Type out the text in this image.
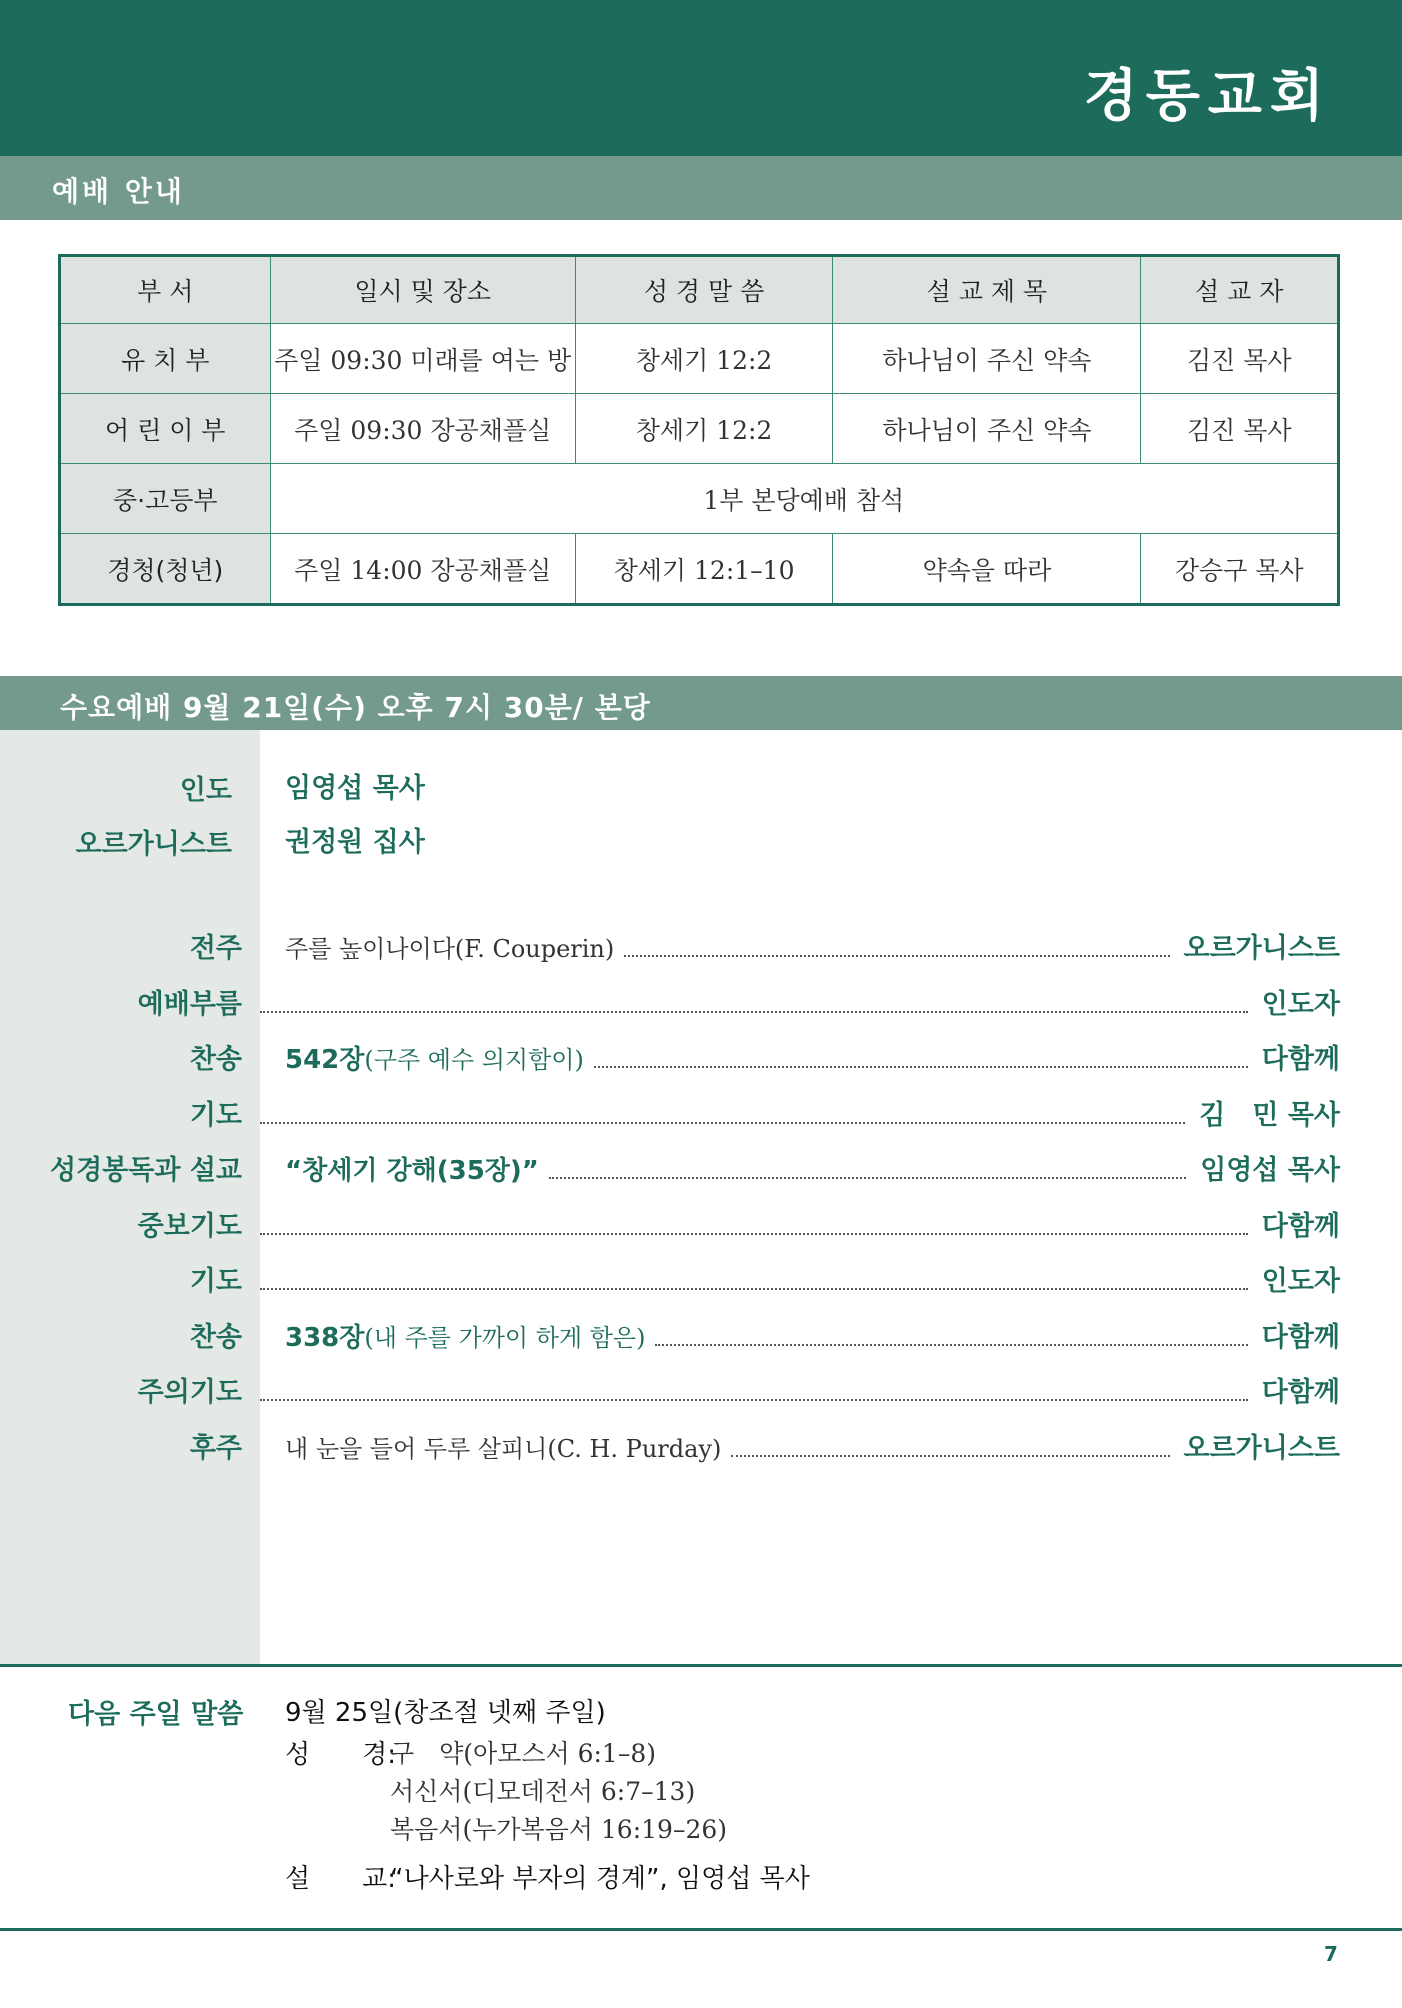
경동교회
예배 안내
부 서	일시 및 장소	성 경 말 씀	설 교 제 목	설 교 자
유 치 부	주일 09:30 미래를 여는 방	창세기 12:2	하나님이 주신 약속	김진 목사
어 린 이 부	주일 09:30 장공채플실	창세기 12:2	하나님이 주신 약속	김진 목사
중·고등부	1부 본당예배 참석			
경청(청년)	주일 14:00 장공채플실	창세기 12:1–10	약속을 따라	강승구 목사
수요예배 9월 21일(수) 오후 7시 30분/ 본당
인도 임영섭 목사
오르가니스트 권정원 집사
전주	주를 높이나이다(F. Couperin)	오르가니스트
예배부름	인도자
찬송	542장(구주 예수 의지함이)	다함께
기도	김　민 목사
성경봉독과 설교	“창세기 강해(35장)”	임영섭 목사
중보기도	다함께
기도	인도자
찬송	338장(내 주를 가까이 하게 함은)	다함께
주의기도	다함께
후주	내 눈을 들어 두루 살피니(C. H. Purday)	오르가니스트
다음 주일 말씀 9월 25일(창조절 넷째 주일)
성　　경:
구　약(아모스서 6:1–8)
서신서(디모데전서 6:7–13)
복음서(누가복음서 16:19–26)
설　　교:
“나사로와 부자의 경계”, 임영섭 목사
7
